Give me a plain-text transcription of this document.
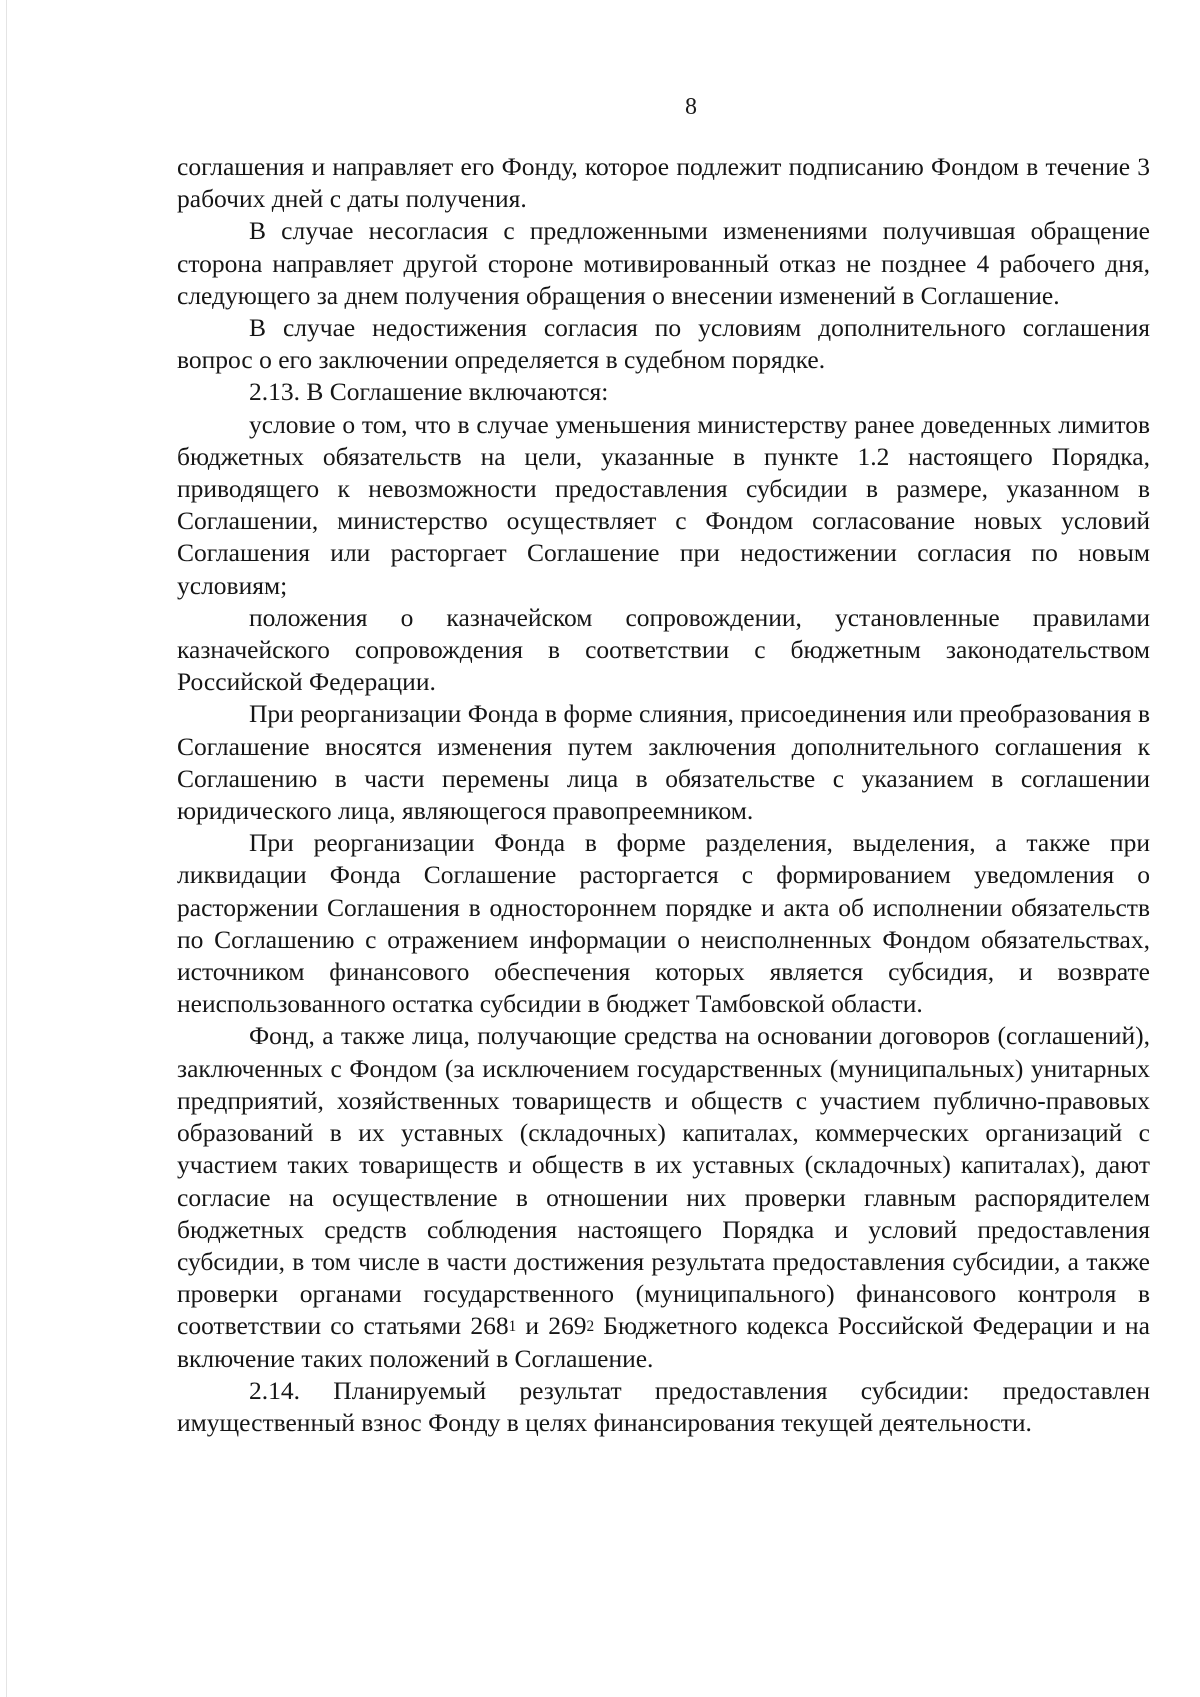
8

соглашения и направляет его Фонду, которое подлежит подписанию Фондом в течение 3 рабочих дней с даты получения.

В случае несогласия с предложенными изменениями получившая обращение сторона направляет другой стороне мотивированный отказ не позднее 4 рабочего дня, следующего за днем получения обращения о внесении изменений в Соглашение.

В случае недостижения согласия по условиям дополнительного соглашения вопрос о его заключении определяется в судебном порядке.

2.13. В Соглашение включаются:

условие о том, что в случае уменьшения министерству ранее доведенных лимитов бюджетных обязательств на цели, указанные в пункте 1.2 настоящего Порядка, приводящего к невозможности предоставления субсидии в размере, указанном в Соглашении, министерство осуществляет с Фондом согласование новых условий Соглашения или расторгает Соглашение при недостижении согласия по новым условиям;

положения о казначейском сопровождении, установленные правилами казначейского сопровождения в соответствии с бюджетным законодательством Российской Федерации.

При реорганизации Фонда в форме слияния, присоединения или преобразования в Соглашение вносятся изменения путем заключения дополнительного соглашения к Соглашению в части перемены лица в обязательстве с указанием в соглашении юридического лица, являющегося правопреемником.

При реорганизации Фонда в форме разделения, выделения, а также при ликвидации Фонда Соглашение расторгается с формированием уведомления о расторжении Соглашения в одностороннем порядке и акта об исполнении обязательств по Соглашению с отражением информации о неисполненных Фондом обязательствах, источником финансового обеспечения которых является субсидия, и возврате неиспользованного остатка субсидии в бюджет Тамбовской области.

Фонд, а также лица, получающие средства на основании договоров (соглашений), заключенных с Фондом (за исключением государственных (муниципальных) унитарных предприятий, хозяйственных товариществ и обществ с участием публично-правовых образований в их уставных (складочных) капиталах, коммерческих организаций с участием таких товариществ и обществ в их уставных (складочных) капиталах), дают согласие на осуществление в отношении них проверки главным распорядителем бюджетных средств соблюдения настоящего Порядка и условий предоставления субсидии, в том числе в части достижения результата предоставления субсидии, а также проверки органами государственного (муниципального) финансового контроля в соответствии со статьями $268^1$ и $269^2$ Бюджетного кодекса Российской Федерации и на включение таких положений в Соглашение.

2.14. Планируемый результат предоставления субсидии: предоставлен имущественный взнос Фонду в целях финансирования текущей деятельности.
